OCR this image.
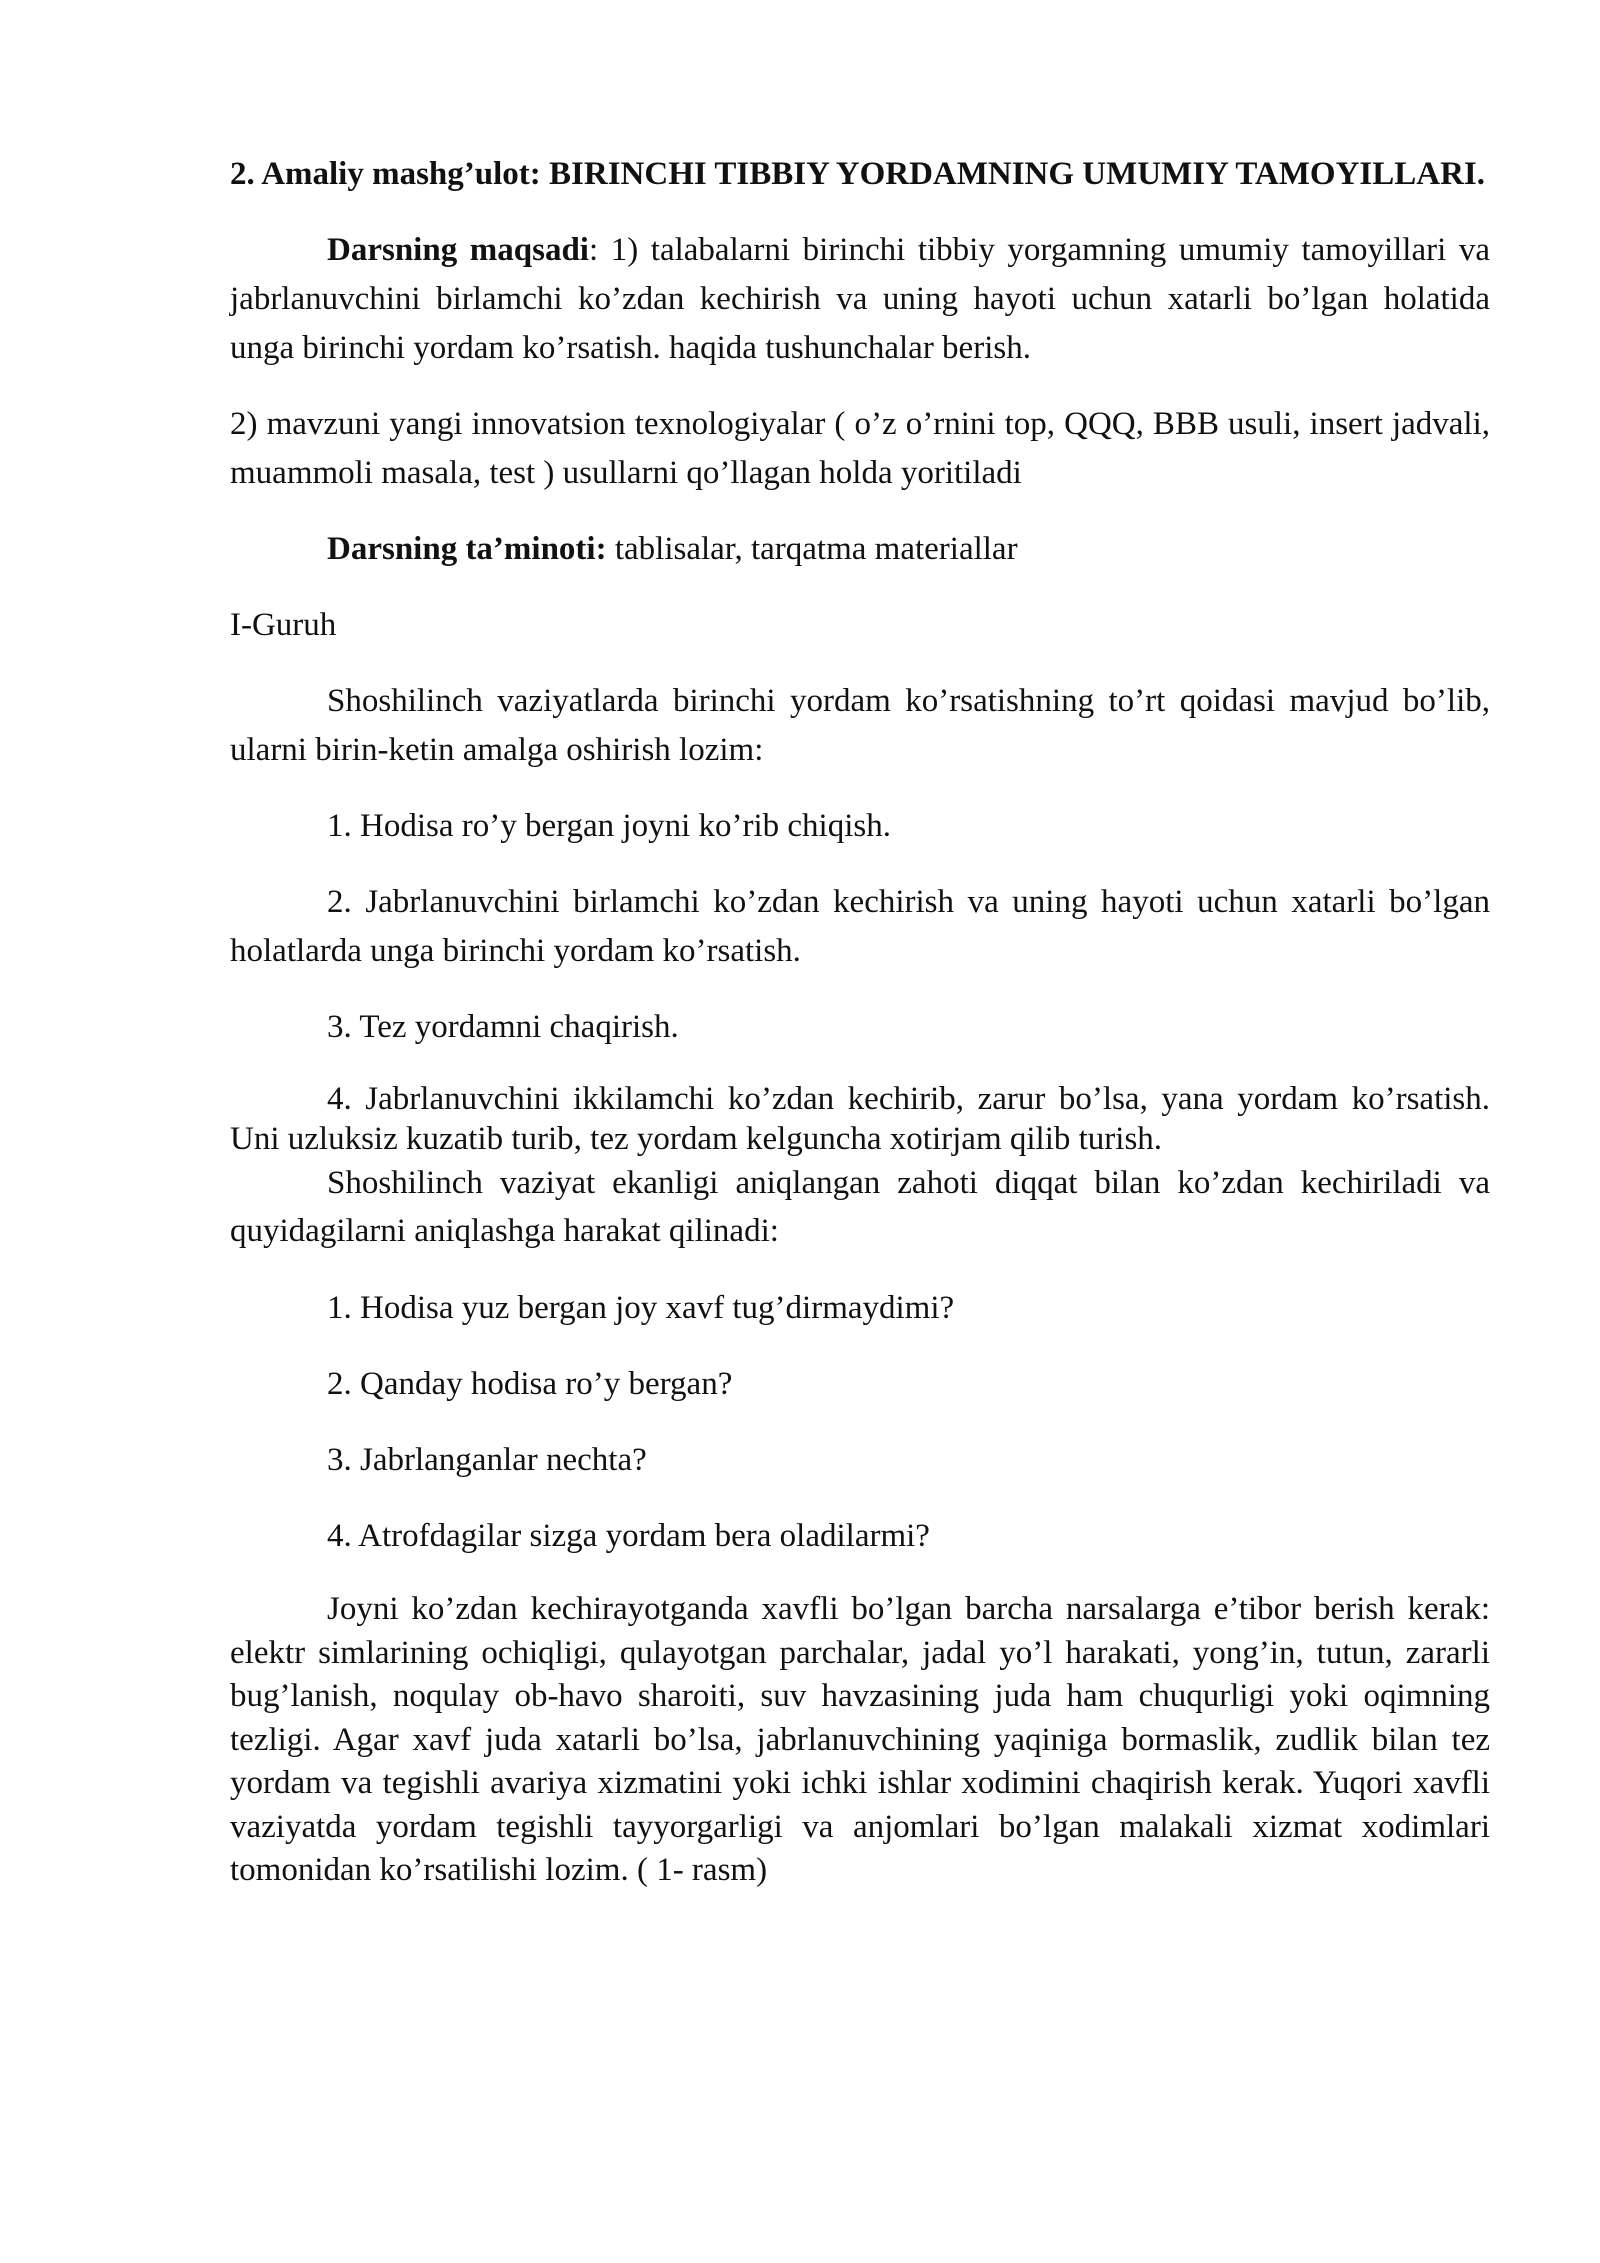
2. Amaliy mashg’ulot: BIRINCHI TIBBIY YORDAMNING UMUMIY TAMOYILLARI.

Darsning maqsadi: 1) talabalarni birinchi tibbiy yorgamning umumiy tamoyillari va jabrlanuvchini birlamchi ko’zdan kechirish va uning hayoti uchun xatarli bo’lgan holatida unga birinchi yordam ko’rsatish. haqida tushunchalar berish.

2) mavzuni yangi innovatsion texnologiyalar ( o’z o’rnini top, QQQ, BBB usuli, insert jadvali, muammoli masala, test ) usullarni qo’llagan holda yoritiladi

Darsning ta’minoti: tablisalar, tarqatma materiallar

I-Guruh

Shoshilinch vaziyatlarda birinchi yordam ko’rsatishning to’rt qoidasi mavjud bo’lib, ularni birin-ketin amalga oshirish lozim:

1. Hodisa ro’y bergan joyni ko’rib chiqish.

2. Jabrlanuvchini birlamchi ko’zdan kechirish va uning hayoti uchun xatarli bo’lgan holatlarda unga birinchi yordam ko’rsatish.

3. Tez yordamni chaqirish.

4. Jabrlanuvchini ikkilamchi ko’zdan kechirib, zarur bo’lsa, yana yordam ko’rsatish. Uni uzluksiz kuzatib turib, tez yordam kelguncha xotirjam qilib turish.

Shoshilinch vaziyat ekanligi aniqlangan zahoti diqqat bilan ko’zdan kechiriladi va quyidagilarni aniqlashga harakat qilinadi:

1. Hodisa yuz bergan joy xavf tug’dirmaydimi?

2. Qanday hodisa ro’y bergan?

3. Jabrlanganlar nechta?

4. Atrofdagilar sizga yordam bera oladilarmi?

Joyni ko’zdan kechirayotganda xavfli bo’lgan barcha narsalarga e’tibor berish kerak: elektr simlarining ochiqligi, qulayotgan parchalar, jadal yo’l harakati, yong’in, tutun, zararli bug’lanish, noqulay ob-havo sharoiti, suv havzasining juda ham chuqurligi yoki oqimning tezligi. Agar xavf juda xatarli bo’lsa, jabrlanuvchining yaqiniga bormaslik, zudlik bilan tez yordam va tegishli avariya xizmatini yoki ichki ishlar xodimini chaqirish kerak. Yuqori xavfli vaziyatda yordam tegishli tayyorgarligi va anjomlari bo’lgan malakali xizmat xodimlari tomonidan ko’rsatilishi lozim. ( 1- rasm)
